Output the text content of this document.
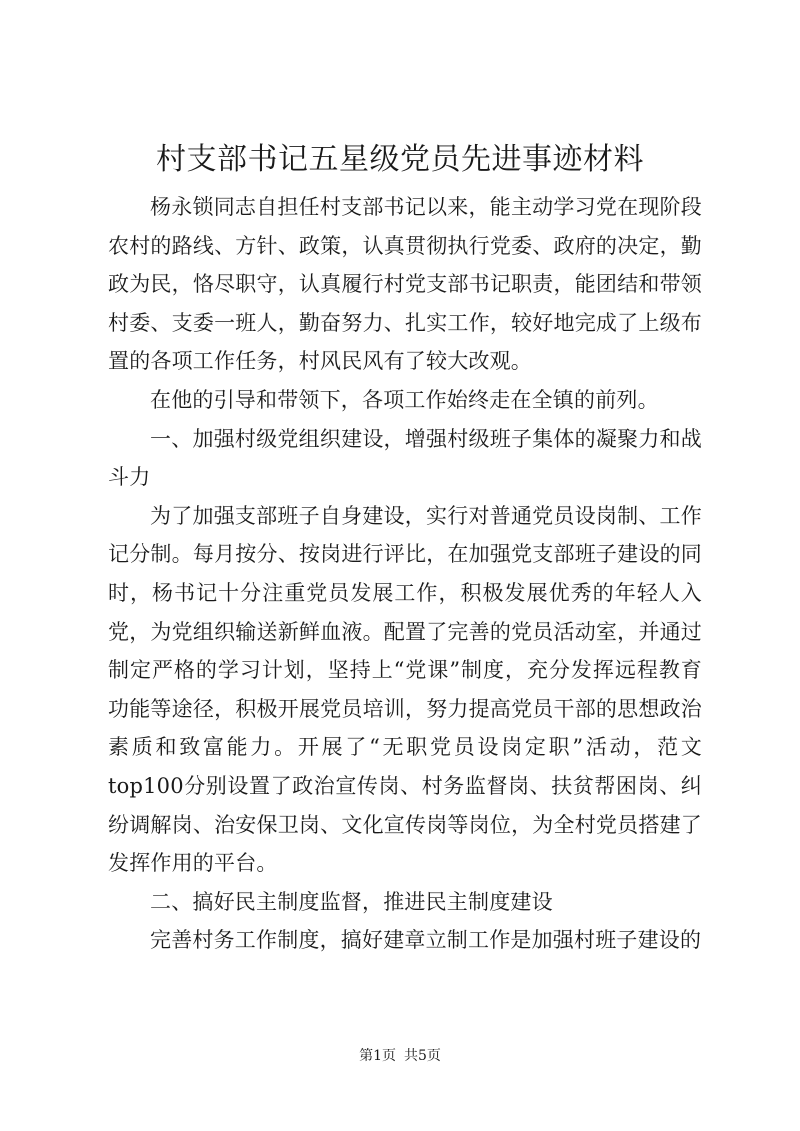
村支部书记五星级党员先进事迹材料

杨永锁同志自担任村支部书记以来，能主动学习党在现阶段农村的路线、方针、政策，认真贯彻执行党委、政府的决定，勤政为民，恪尽职守，认真履行村党支部书记职责，能团结和带领村委、支委一班人，勤奋努力、扎实工作，较好地完成了上级布置的各项工作任务，村风民风有了较大改观。

在他的引导和带领下，各项工作始终走在全镇的前列。

一、加强村级党组织建设，增强村级班子集体的凝聚力和战斗力

为了加强支部班子自身建设，实行对普通党员设岗制、工作记分制。每月按分、按岗进行评比，在加强党支部班子建设的同时，杨书记十分注重党员发展工作，积极发展优秀的年轻人入党，为党组织输送新鲜血液。配置了完善的党员活动室，并通过制定严格的学习计划，坚持上“党课”制度，充分发挥远程教育功能等途径，积极开展党员培训，努力提高党员干部的思想政治素质和致富能力。开展了“无职党员设岗定职”活动，范文top100分别设置了政治宣传岗、村务监督岗、扶贫帮困岗、纠纷调解岗、治安保卫岗、文化宣传岗等岗位，为全村党员搭建了发挥作用的平台。

二、搞好民主制度监督，推进民主制度建设

完善村务工作制度，搞好建章立制工作是加强村班子建设的

第1页 共5页
